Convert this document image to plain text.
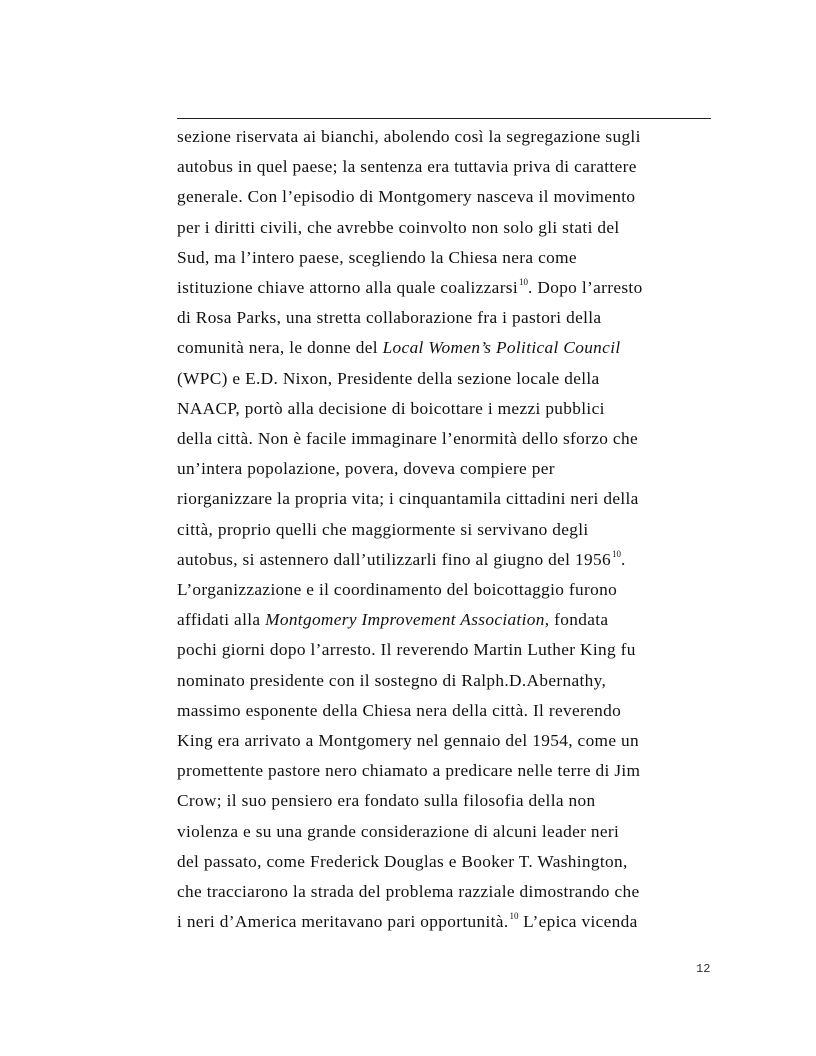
sezione riservata ai bianchi, abolendo così la segregazione sugli
autobus in quel paese; la sentenza era tuttavia priva di carattere
generale. Con l’episodio di Montgomery nasceva il movimento
per i diritti civili, che avrebbe coinvolto non solo gli stati del
Sud, ma l’intero paese, scegliendo la Chiesa nera come
istituzione chiave attorno alla quale coalizzarsi$^{10}$. Dopo l’arresto
di Rosa Parks, una stretta collaborazione fra i pastori della
comunità nera, le donne del Local Women’s Political Council
(WPC) e E.D. Nixon, Presidente della sezione locale della
NAACP, portò alla decisione di boicottare i mezzi pubblici
della città. Non è facile immaginare l’enormità dello sforzo che
un’intera popolazione, povera, doveva compiere per
riorganizzare la propria vita; i cinquantamila cittadini neri della
città, proprio quelli che maggiormente si servivano degli
autobus, si astennero dall’utilizzarli fino al giugno del 1956$^{10}$.
L’organizzazione e il coordinamento del boicottaggio furono
affidati alla Montgomery Improvement Association, fondata
pochi giorni dopo l’arresto. Il reverendo Martin Luther King fu
nominato presidente con il sostegno di Ralph.D.Abernathy,
massimo esponente della Chiesa nera della città. Il reverendo
King era arrivato a Montgomery nel gennaio del 1954, come un
promettente pastore nero chiamato a predicare nelle terre di Jim
Crow; il suo pensiero era fondato sulla filosofia della non
violenza e su una grande considerazione di alcuni leader neri
del passato, come Frederick Douglas e Booker T. Washington,
che tracciarono la strada del problema razziale dimostrando che
i neri d’America meritavano pari opportunità.$^{10}$ L’epica vicenda
12
